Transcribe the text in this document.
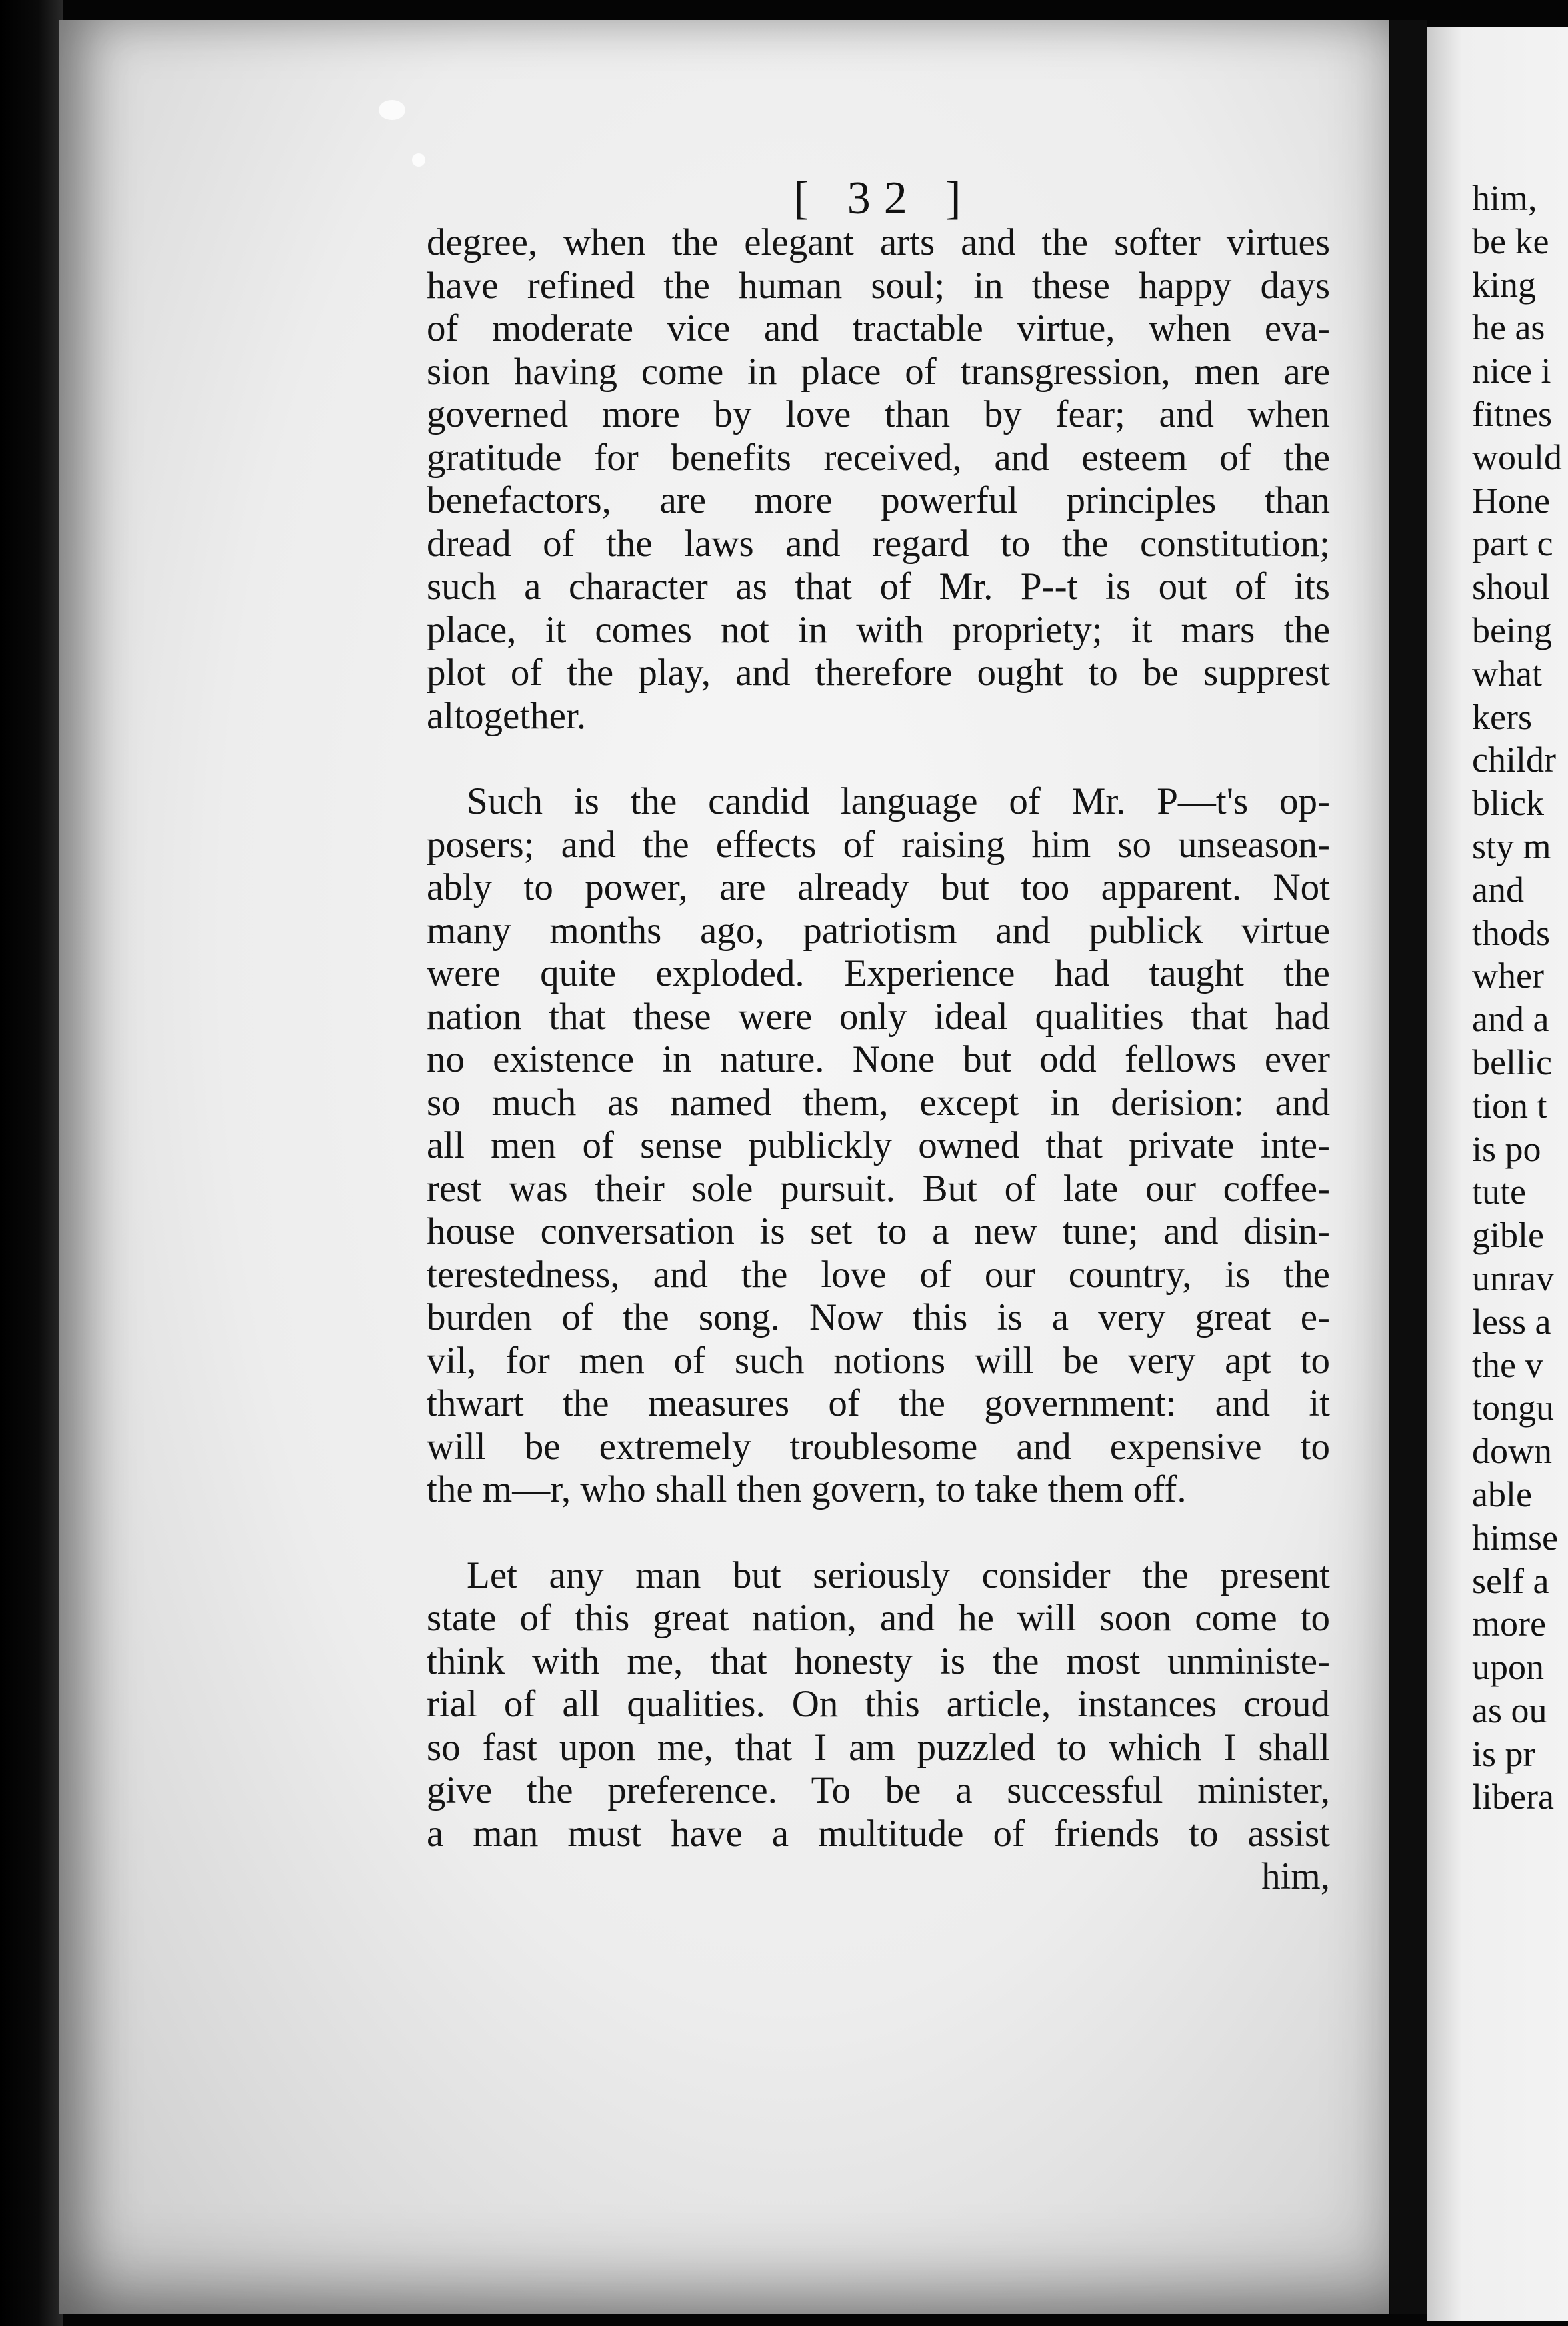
[ 32 ]
degree, when the elegant arts and the softer virtues
have refined the human soul; in these happy days
of moderate vice and tractable virtue, when eva-
sion having come in place of transgression, men are
governed more by love than by fear; and when
gratitude for benefits received, and esteem of the
benefactors, are more powerful principles than
dread of the laws and regard to the constitution;
such a character as that of Mr. P--t is out of its
place, it comes not in with propriety; it mars the
plot of the play, and therefore ought to be supprest
altogether.
Such is the candid language of Mr. P—t's op-
posers; and the effects of raising him so unseason-
ably to power, are already but too apparent. Not
many months ago, patriotism and publick virtue
were quite exploded. Experience had taught the
nation that these were only ideal qualities that had
no existence in nature. None but odd fellows ever
so much as named them, except in derision: and
all men of sense publickly owned that private inte-
rest was their sole pursuit. But of late our coffee-
house conversation is set to a new tune; and disin-
terestedness, and the love of our country, is the
burden of the song. Now this is a very great e-
vil, for men of such notions will be very apt to
thwart the measures of the government: and it
will be extremely troublesome and expensive to
the m—r, who shall then govern, to take them off.
Let any man but seriously consider the present
state of this great nation, and he will soon come to
think with me, that honesty is the most unministe-
rial of all qualities. On this article, instances croud
so fast upon me, that I am puzzled to which I shall
give the preference. To be a successful minister,
a man must have a multitude of friends to assist
him,
him,
be ke
king
he as
nice i
fitnes
would
Hone
part c
shoul
being
what
kers
childr
blick
sty m
and
thods
wher
and a
bellic
tion t
is po
tute
gible
unrav
less a
the v
tongu
down
able
himse
self a
more
upon
as ou
is pr
libera
